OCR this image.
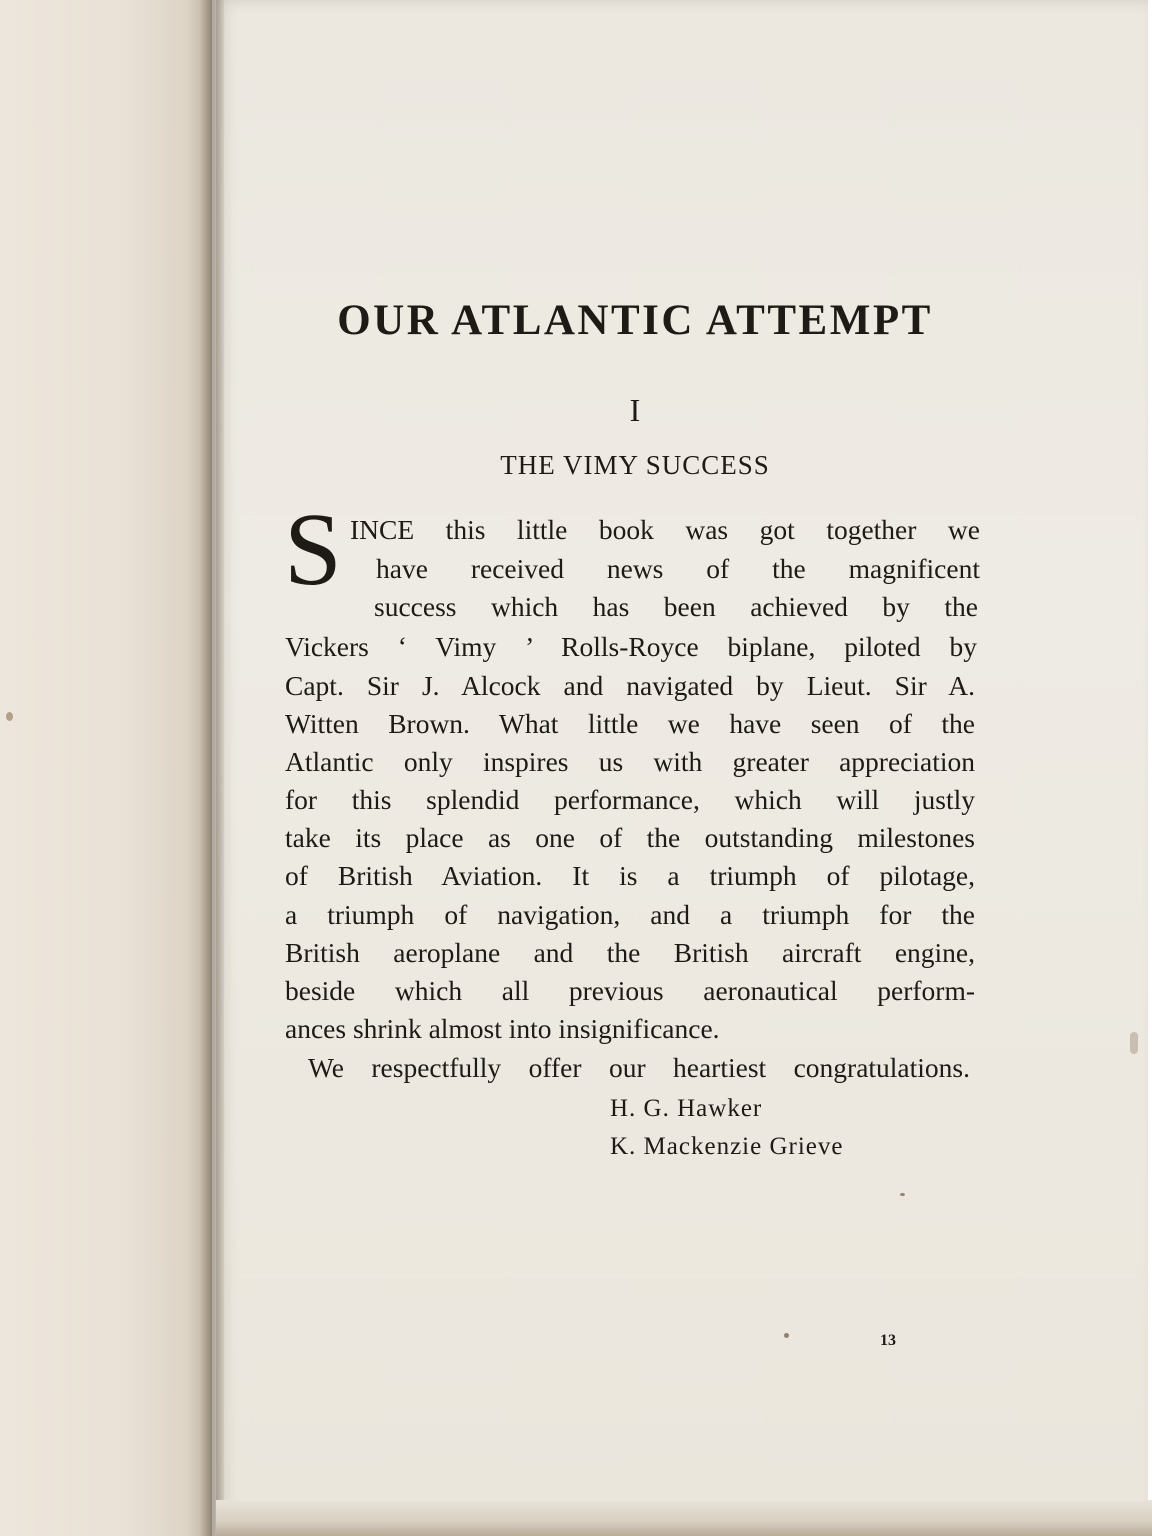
OUR ATLANTIC ATTEMPT
I
THE VIMY SUCCESS
S INCE this little book was got together we
have received news of the magnificent
success which has been achieved by the
Vickers ‘ Vimy ’ Rolls-Royce biplane, piloted by
Capt. Sir J. Alcock and navigated by Lieut. Sir A.
Witten Brown. What little we have seen of the
Atlantic only inspires us with greater appreciation
for this splendid performance, which will justly
take its place as one of the outstanding milestones
of British Aviation. It is a triumph of pilotage,
a triumph of navigation, and a triumph for the
British aeroplane and the British aircraft engine,
beside which all previous aeronautical perform-
ances shrink almost into insignificance.
We respectfully offer our heartiest congratulations.
H. G. Hawker
K. Mackenzie Grieve
13
